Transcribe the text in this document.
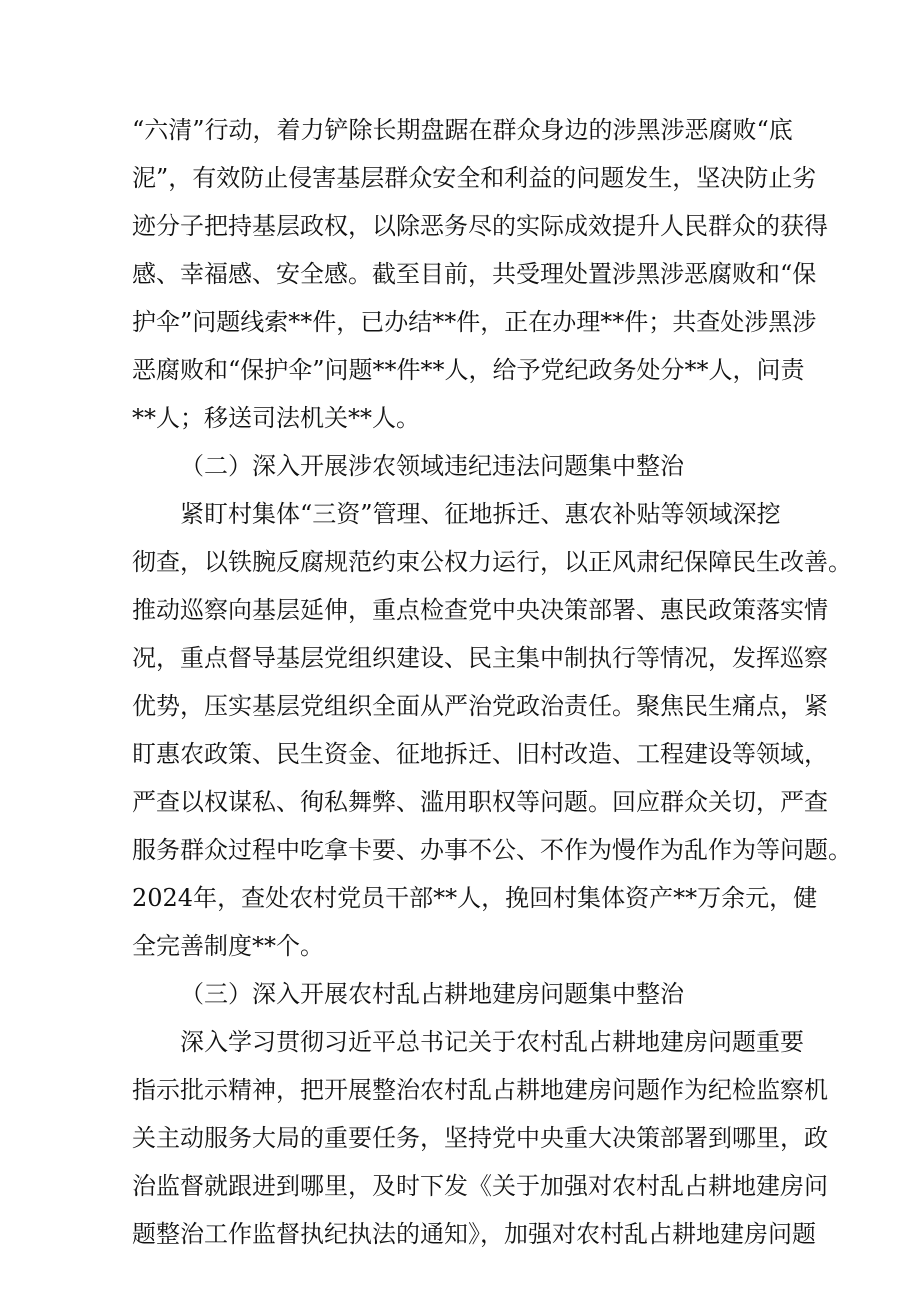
“六清”行动，着力铲除长期盘踞在群众身边的涉黑涉恶腐败“底
泥”，有效防止侵害基层群众安全和利益的问题发生，坚决防止劣
迹分子把持基层政权，以除恶务尽的实际成效提升人民群众的获得
感、幸福感、安全感。截至目前，共受理处置涉黑涉恶腐败和“保
护伞”问题线索**件，已办结**件，正在办理**件；共查处涉黑涉
恶腐败和“保护伞”问题**件**人，给予党纪政务处分**人，问责
**人；移送司法机关**人。
（二）深入开展涉农领域违纪违法问题集中整治
紧盯村集体“三资”管理、征地拆迁、惠农补贴等领域深挖
彻查，以铁腕反腐规范约束公权力运行，以正风肃纪保障民生改善。
推动巡察向基层延伸，重点检查党中央决策部署、惠民政策落实情
况，重点督导基层党组织建设、民主集中制执行等情况，发挥巡察
优势，压实基层党组织全面从严治党政治责任。聚焦民生痛点，紧
盯惠农政策、民生资金、征地拆迁、旧村改造、工程建设等领域，
严查以权谋私、徇私舞弊、滥用职权等问题。回应群众关切，严查
服务群众过程中吃拿卡要、办事不公、不作为慢作为乱作为等问题。
2024年，查处农村党员干部**人，挽回村集体资产**万余元，健
全完善制度**个。
（三）深入开展农村乱占耕地建房问题集中整治
深入学习贯彻习近平总书记关于农村乱占耕地建房问题重要
指示批示精神，把开展整治农村乱占耕地建房问题作为纪检监察机
关主动服务大局的重要任务，坚持党中央重大决策部署到哪里，政
治监督就跟进到哪里，及时下发《关于加强对农村乱占耕地建房问
题整治工作监督执纪执法的通知》，加强对农村乱占耕地建房问题
